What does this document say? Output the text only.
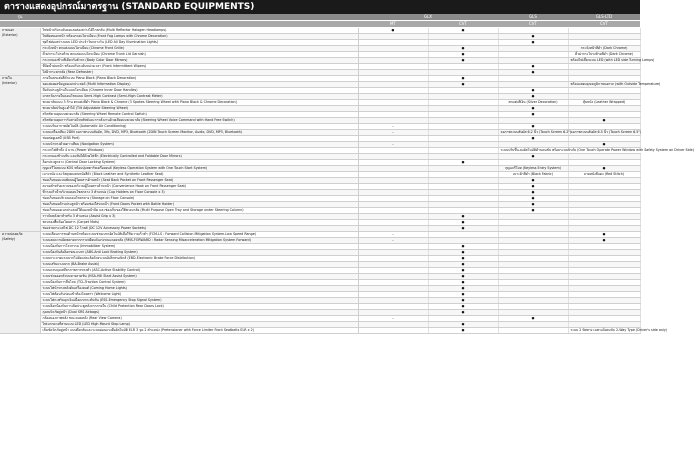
ตารางแสดงอุปกรณ์มาตรฐาน (STANDARD EQUIPMENTS)
รุ่น		GLX		GLS	GLS-LTD
		MT	CVT	CVT	CVT

ภายนอก
(Exterior)	ไฟหน้าปรับระดับคงแสงส่องสว่างได้ไกลกลับ (Multi Reflector Halogen Headlamps)	●	●		
	ไฟตัดหมอกหน้า พร้อมกรอบโครเมียม (Front Fog Lamps with Chrome Decoration)			●	
	ชุดไฟส่องสว่างแบบ LED ประจำวันกลางวัน (LED All Day Illumination Lights)			●	
	กระจังหน้า ตกแต่งแบบโครเมียม (Chrome Front Grille)		●		กระจังหน้าสีดำ (Dark Chrome)
	คิ้วฝากระโปรงท้าย ตกแต่งแบบโครเมียม (Chrome Trunk Lid Garnish)		●		คิ้วฝากระโปรงท้ายสีดำ (Dark Chrome)
	กระจกมองข้างสีเดียวกับตัวรถ (Body Color Door Mirrors)		●		พร้อมไฟเลี้ยวแบบ LED (with LED side Turning Lamps)
	ที่ปัดน้ำฝนหน้า พร้อมปรับระดับหน่วงเวลา (Front Intermittent Wipers)			●	
	ไล่ฝ้ากระจกหลัง (Rear Defroster)			●	

ภายใน
(Interior)	ภายในตกแต่งสีดำแบบ Piano Black (Piano Black Decoration)		●		
	จอแสดงผลข้อมูลอเนกประสงค์ (Multi Information Display)		●		พร้อมแสดงอุณหภูมิภายนอกรถ (with Outside Temperature)
	มือจับประตูด้านในแบบโครเมียม (Chrome Inner Door Handles)			●	
	มาตรวัดภายในคอนโซลแบบ Semi-High Contrast (Semi-High Contrast Meter)			●	
	พวงมาลัยแบบ 3 ก้าน ตกแต่งสีดำ Piano Black & Chrome (3 Spokes Steering Wheel with Piano Black & Chrome Decoration)			ตกแต่งสีเงิน (Silver Decoration)	หุ้มหนัง (Leather Wrapped)
	พวงมาลัยปรับสูง-ต่ำได้ (Tilt Adjustable Steering Wheel)			●	
	สวิตช์ควบคุมบนพวงมาลัย (Steering Wheel Remote Control Switch)			●	
	สวิตช์ควบคุมการรับสายโทรศัพท์และการสั่งงานด้วยเสียงบนพวงมาลัย (Steering Wheel Voice Command with Hand Free Switch)				●
	ระบบปรับอากาศอัตโนมัติ (Automatic Air Conditioning)	–		●	
	ระบบเครื่องเสียง 2DIN จอภาพระบบสัมผัส, 3Yo, DVD, MP3, Bluetooth (2DIN Touch Screen Monitor, Audio, DVD, MP3, Bluetooth)	–		จอภาพระบบสัมผัส 6.2 นิ้ว (Touch Screen 6.2")	จอภาพระบบสัมผัส 6.5 นิ้ว (Touch Screen 6.5")
	ช่องต่อยูเอสบี (USB Port)			●	
	ระบบนำทางด้วยดาวเทียม (Navigation System)	–			●
	กระจกไฟฟ้าทั้ง 4 บาน (Power Windows)			ระบบปรับขึ้น-ลงอัตโนมัติด้านคนขับ พร้อมระบบนิรภัย (One Touch Operate Power Window with Safety System on Driver Side)	
	กระจกมองข้างปรับ และพับได้ด้วยไฟฟ้า (Electrically Controlled and Foldable Door Mirrors)			●	
	ล็อกประตูกลาง (Central Door Locking System)		●		
	กุญแจรีโมทแบบ KOS พร้อมปุ่มสตาร์ทเครื่องยนต์ (Keyless Operation System with One Touch Start System)			กุญแจรีโมท (Keyless Entry System)	●
	เบาะหนัง และวัสดุทดแทนหนังสีดำ (Black Leather and Synthetic Leather Seat)			เบาะผ้าสีดำ (Black Fabric)	ลายหนังสีแดง (Red Stitch)
	ช่องเก็บของแบบพับบนผู้โดยสารด้านหน้า (Seat Back Pocket on Front Passenger Seat)			●	
	ตะขอสำหรับแขวนของบริเวณผู้โดยสารด้านหน้า (Convenience Hook on Front Passenger Seat)			●	
	ที่วางแก้วน้ำบริเวณคอนโซลกลาง 3 ตำแหน่ง (Cup Holders on Floor Console x 3)			●	
	ช่องเก็บของบริเวณคอนโซลกลาง (Storage on Floor Console)			●	
	ช่องเก็บของด้านประตูหน้า พร้อมช่องใส่ขวดน้ำ (Front Doors Pocket with Bottle Holder)			●	
	ช่องเก็บของอเนกประสงค์ใต้แผงหน้าปัด และช่องเก็บของใต้พวงมาลัย (Multi Purpose Open Tray and Storage under Steering Column)			●	
	ราวจับหลังคาสำหรับ 3 ตำแหน่ง (Assist Grip x 3)		●		
	พรมรองพื้นห้องโดยสาร (Carpet Mats)		●		
	ช่องจ่ายกระแสไฟ DC 12 โวลต์ (DC 12V Accessory Power Sockets)		●		

ความปลอดภัย
(Safety)	ระบบเตือนการชนด้านหน้าพร้อมระบบช่วยเบรกอัตโนมัติเมื่อใช้ความเร็วต่ำ (FCM-LS : Forward Collision Mitigation System-Low Speed Range)	–			●
	ระบบลดความผิดพลาดจากการเหยียบคันเร่งขณะถอยหลัง (RMS-FORWARD : Radar Sensing Misacceleration Mitigation System Forward)	–			●
	ระบบป้องกันการโจรกรรม (Immobilizer System)		●		
	ระบบป้องกันล้อล็อกขณะเบรก (ABS-Anti Lock Braking System)		●		
	ระบบกระจายแรงเบรกไปยังแต่ละล้อด้วยระบบอิเล็กทรอนิกส์ (EBD-Electronic Brake Force Distribution)		●		
	ระบบเสริมแรงเบรก (BA-Brake Assist)		●		
	ระบบควบคุมเสถียรภาพการทรงตัว (ASC-Active Stability Control)		●		
	ระบบช่วยออกตัวบนทางลาดชัน (HSA-Hill Start Assist System)		●		
	ระบบป้องกันการลื่นไถล (TCL-Traction Control System)		●		
	ระบบไฟนำทางหลังดับเครื่องยนต์ (Coming Home Lights)		●		
	ระบบไฟต้อนรับก่อนเข้าห้องโดยสาร (Welcome Light)		●		
	ระบบไฟกะพริบฉุกเฉินเมื่อเบรกกะทันหัน (ESS-Emergency Stop Signal System)		●		
	ระบบล็อกป้องกันการเปิดประตูหลังจากภายใน (Child Protection Rear Doors Lock)		●		
	ถุงลมนิรภัยคู่หน้า (Dual SRS Airbags)		●		
	กล้องมองภาพหลัง ขณะถอยหลัง (Rear View Camera)	–		●	
	ไฟเบรกดวงที่สามแบบ LED (LED High Mount Stop Lamp)		●		
	เข็มขัดนิรภัยคู่หน้า แบบดึงกลับและระบบผ่อนแรงดึงอัตโนมัติ ELR 3 จุด 2 ตำแหน่ง (Pretensioner with Force Limiter Front Seatbelts ELR x 2)		●		ระบบ 2 ทิศทาง เฉพาะฝั่งคนขับ 2-Way Type (Driver's side only)
